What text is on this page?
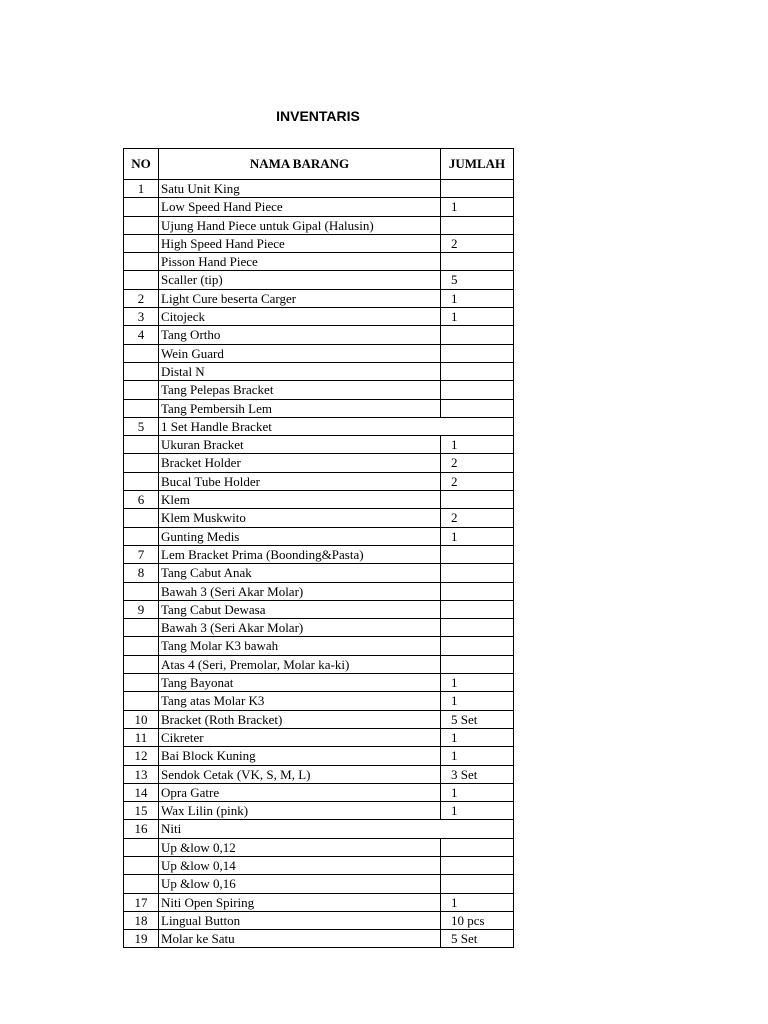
INVENTARIS
NO	NAMA BARANG	JUMLAH
1	Satu Unit King	
	Low Speed Hand Piece	1
	Ujung Hand Piece untuk Gipal (Halusin)	
	High Speed Hand Piece	2
	Pisson Hand Piece	
	Scaller (tip)	5
2	Light Cure beserta Carger	1
3	Citojeck	1
4	Tang Ortho	
	Wein Guard	
	Distal N	
	Tang Pelepas Bracket	
	Tang Pembersih Lem	
5	1 Set Handle Bracket	
	Ukuran Bracket	1
	Bracket Holder	2
	Bucal Tube Holder	2
6	Klem	
	Klem Muskwito	2
	Gunting Medis	1
7	Lem Bracket Prima (Boonding&Pasta)	
8	Tang Cabut Anak	
	Bawah 3 (Seri Akar Molar)	
9	Tang Cabut Dewasa	
	Bawah 3 (Seri Akar Molar)	
	Tang Molar K3 bawah	
	Atas 4 (Seri, Premolar, Molar ka-ki)	
	Tang Bayonat	1
	Tang atas Molar K3	1
10	Bracket (Roth Bracket)	5 Set
11	Cikreter	1
12	Bai Block Kuning	1
13	Sendok Cetak (VK, S, M, L)	3 Set
14	Opra Gatre	1
15	Wax Lilin (pink)	1
16	Niti	
	Up &low 0,12	
	Up &low 0,14	
	Up &low 0,16	
17	Niti Open Spiring	1
18	Lingual Button	10 pcs
19	Molar ke Satu	5 Set
